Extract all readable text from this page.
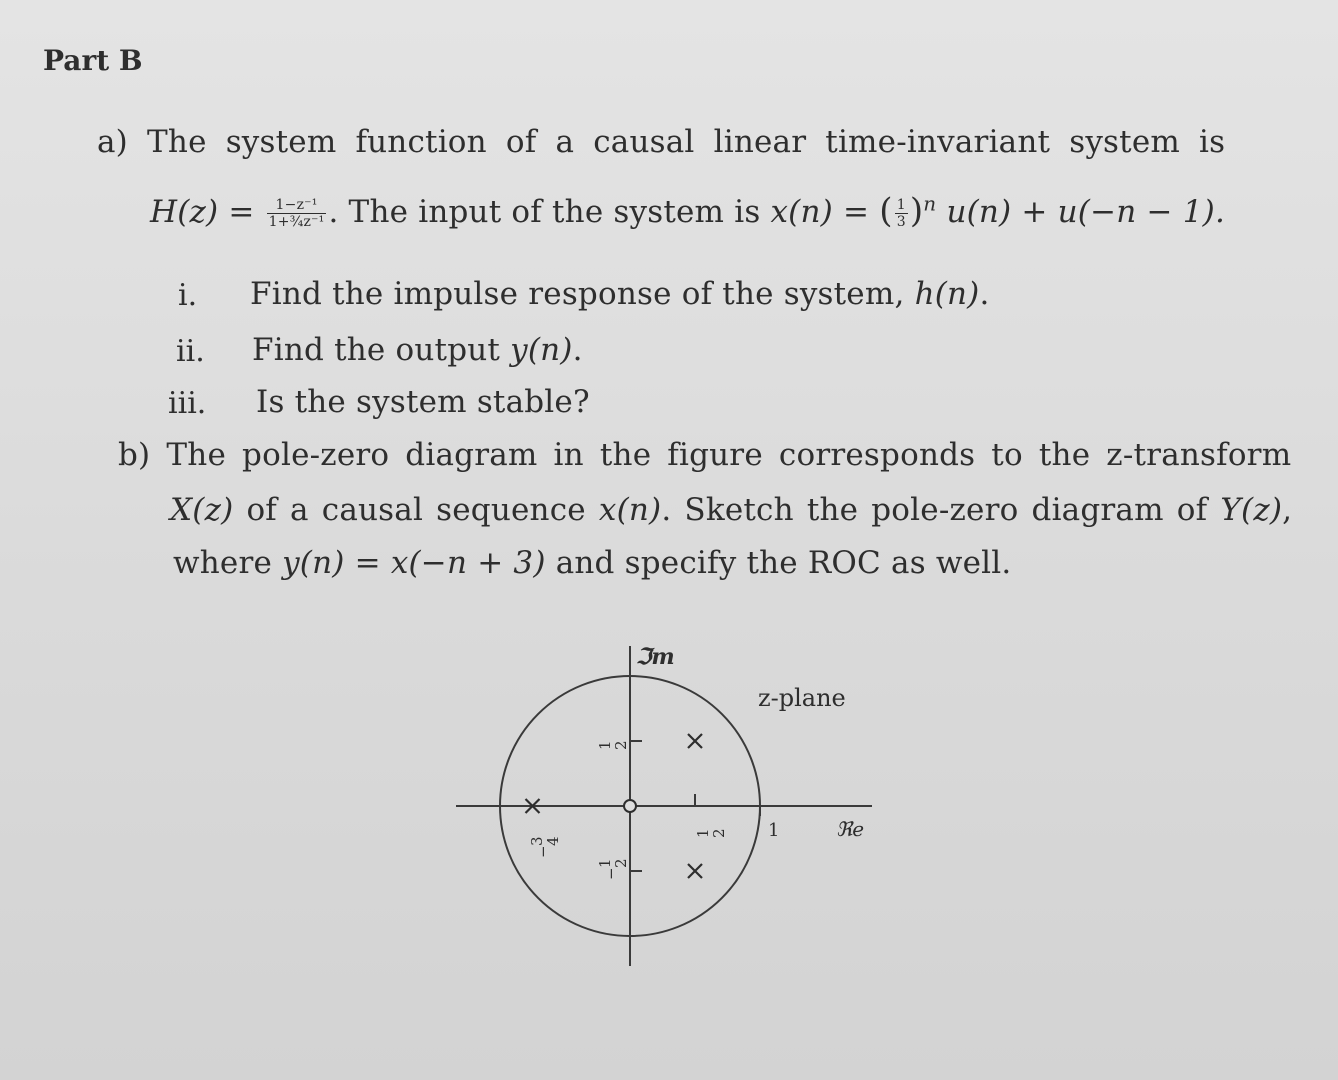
Part B
a) The system function of a causal linear time-invariant system is
$H(z) = \frac{\text{1−z⁻¹}}{\text{1+¾z⁻¹}}$ . The input of the system is x(n) = ( $\frac{1}{3} )^n$ u(n) + u(−n − 1).
i. Find the impulse response of the system, h(n).
ii. Find the output y(n).
iii. Is the system stable?
b) The pole-zero diagram in the figure corresponds to the z-transform
X(z) of a causal sequence x(n). Sketch the pole-zero diagram of Y(z),
where y(n) = x(−n + 3) and specify the ROC as well.
ℑm
z-plane
ℜe
1
−
3
4
1
2
−
1
2
1
2
